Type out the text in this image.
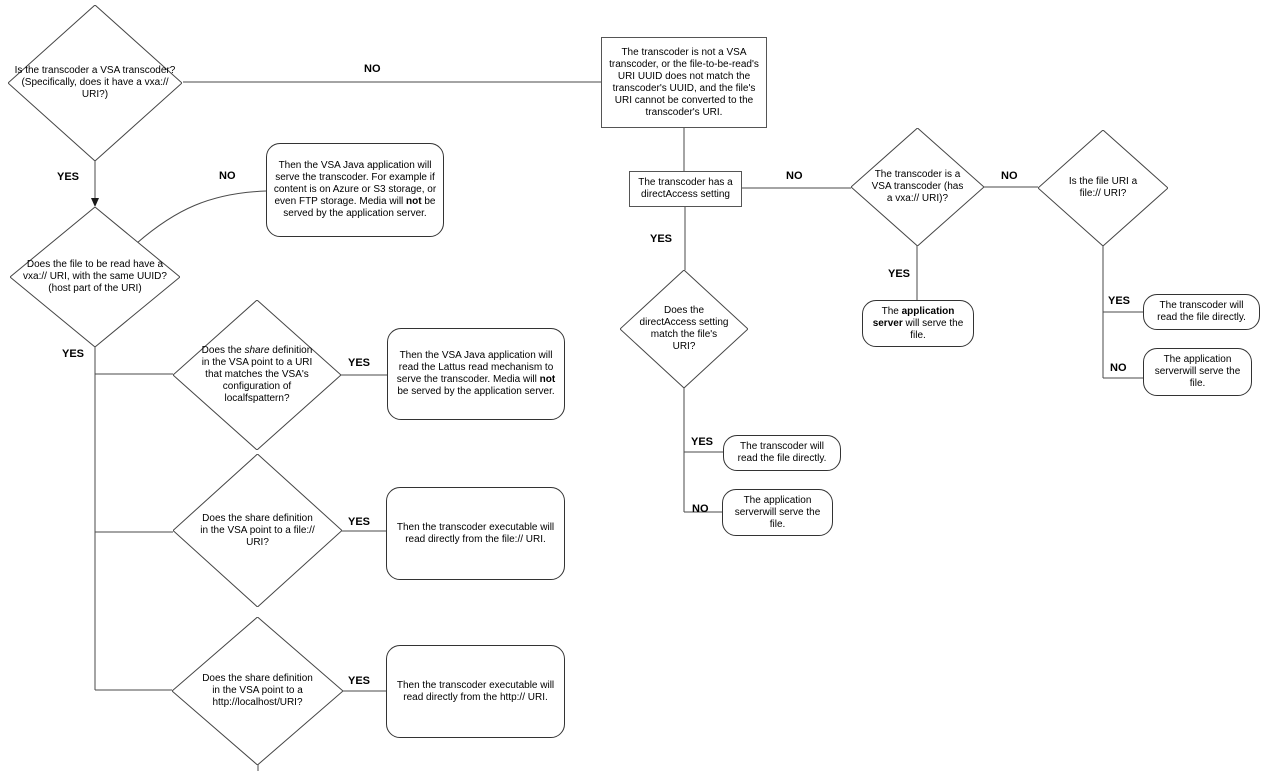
Is the transcoder a VSA transcoder? (Specifically, does it have a vxa:// URI?)
Does the file to be read have a vxa:// URI, with the same UUID? (host part of the URI)
Does the share definition in the VSA point to a URI that matches the VSA's configuration of localfspattern?
Does the share definition in the VSA point to a file:// URI?
Does the share definition in the VSA point to a http://localhost/URI?
Does the directAccess setting match the file's URI?
The transcoder is a VSA transcoder (has a vxa:// URI)?
Is the file URI a file:// URI?
The transcoder is not a VSA transcoder, or the file-to-be-read's URI UUID does not match the transcoder's UUID, and the file's URI cannot be converted to the transcoder's URI.
The transcoder has a directAccess setting
Then the VSA Java application will serve the transcoder. For example if content is on Azure or S3 storage, or even FTP storage. Media will not be served by the application server.
Then the VSA Java application will read the Lattus read mechanism to serve the transcoder. Media will not be served by the application server.
Then the transcoder executable will read directly from the file:// URI.
Then the transcoder executable will read directly from the http:// URI.
The transcoder will read the file directly.
The application serverwill serve the file.
The application server will serve the file.
The transcoder will read the file directly.
The application serverwill serve the file.
NO
YES	NO
YES
YES
YES
YES
NO
YES
YES
NO
YES
NO
YES
NO
